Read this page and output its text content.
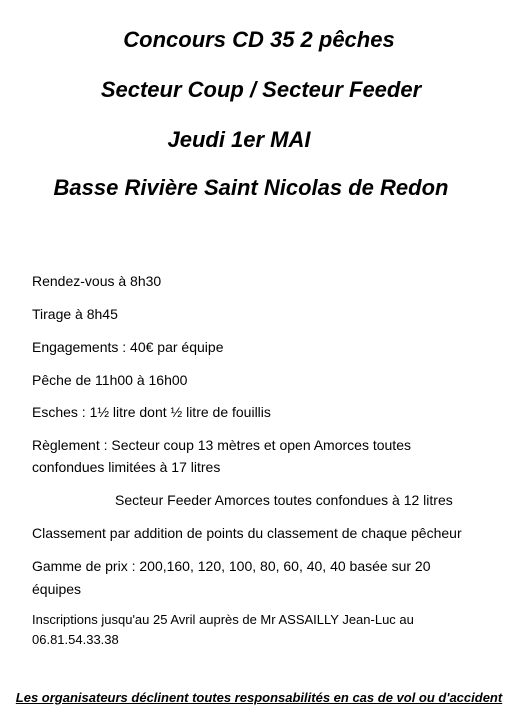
Concours CD 35 2 pêches
Secteur Coup / Secteur Feeder
Jeudi 1er MAI
Basse Rivière Saint Nicolas de Redon
Rendez-vous à 8h30
Tirage à 8h45
Engagements : 40€ par équipe
Pêche de 11h00 à 16h00
Esches : 1½ litre dont ½ litre de fouillis
Règlement : Secteur coup 13 mètres et open Amorces toutes
confondues limitées à 17 litres
Secteur Feeder Amorces toutes confondues à 12 litres
Classement par addition de points du classement de chaque pêcheur
Gamme de prix : 200,160, 120, 100, 80, 60, 40, 40 basée sur 20
équipes
Inscriptions jusqu'au 25 Avril auprès de Mr ASSAILLY Jean-Luc au
06.81.54.33.38
Les organisateurs déclinent toutes responsabilités en cas de vol ou d'accident
